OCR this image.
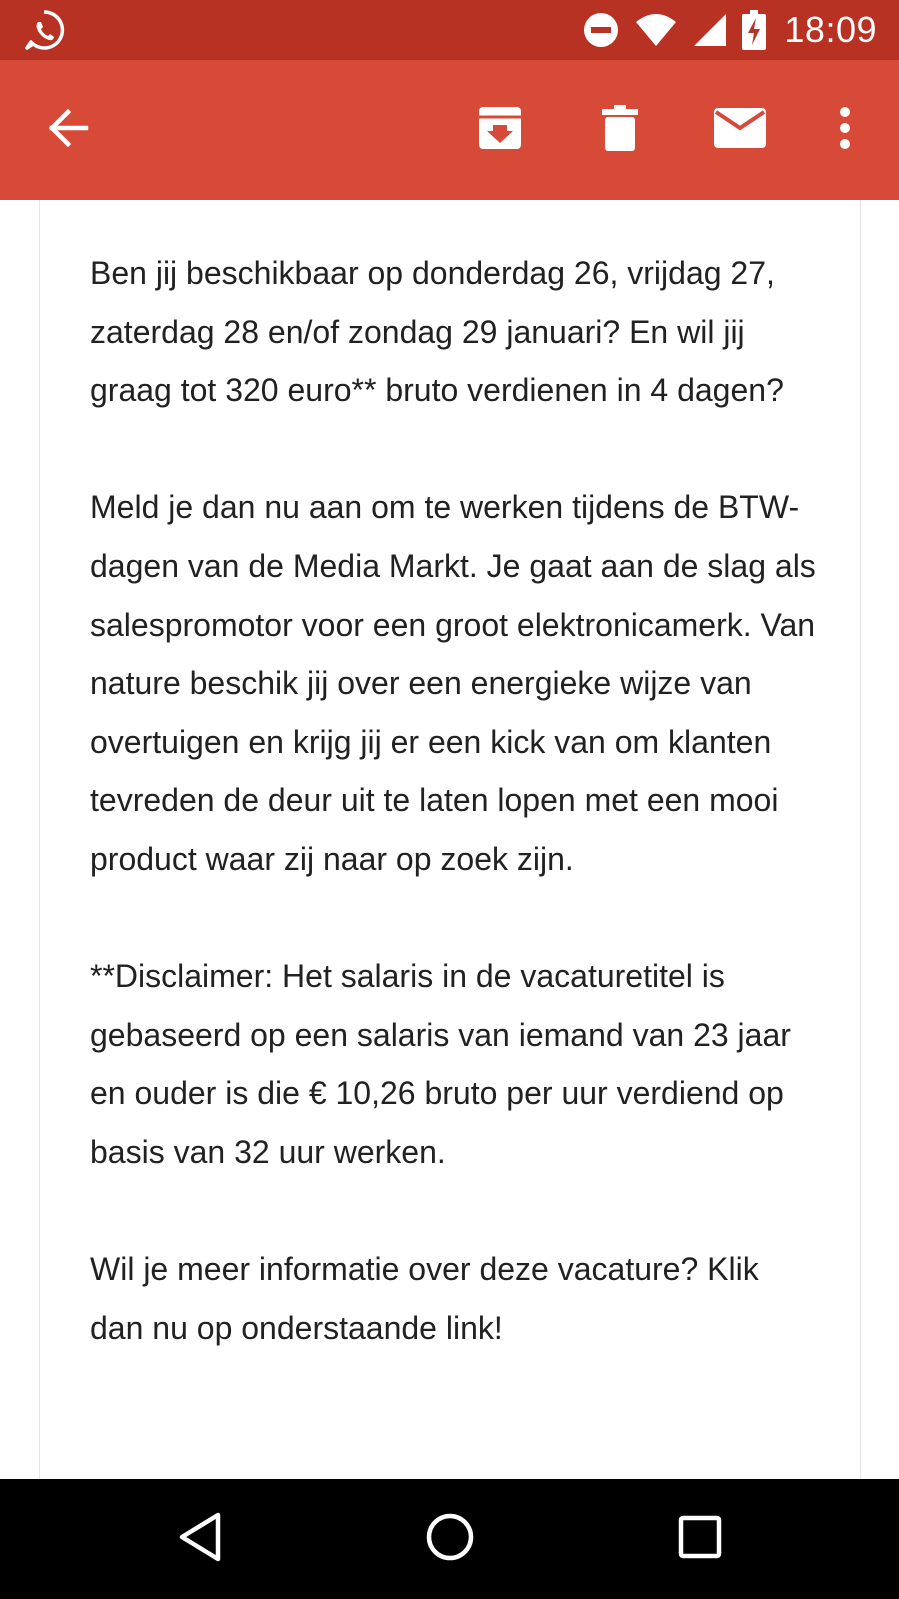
18:09

Ben jij beschikbaar op donderdag 26, vrijdag 27, zaterdag 28 en/of zondag 29 januari? En wil jij graag tot 320 euro** bruto verdienen in 4 dagen?

Meld je dan nu aan om te werken tijdens de BTW-dagen van de Media Markt. Je gaat aan de slag als salespromotor voor een groot elektronicamerk. Van nature beschik jij over een energieke wijze van overtuigen en krijg jij er een kick van om klanten tevreden de deur uit te laten lopen met een mooi product waar zij naar op zoek zijn.

**Disclaimer: Het salaris in de vacaturetitel is gebaseerd op een salaris van iemand van 23 jaar en ouder is die € 10,26 bruto per uur verdiend op basis van 32 uur werken.

Wil je meer informatie over deze vacature? Klik dan nu op onderstaande link!
